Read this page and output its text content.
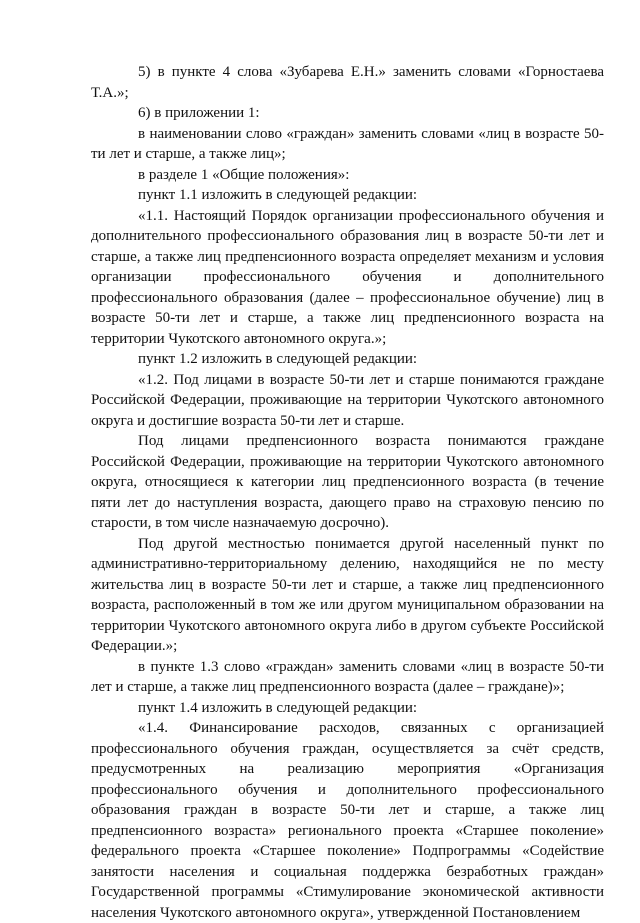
5) в пункте 4 слова «Зубарева Е.Н.» заменить словами «Горностаева Т.А.»;

6) в приложении 1:

в наименовании слово «граждан» заменить словами «лиц в возрасте 50-ти лет и старше, а также лиц»;

в разделе 1 «Общие положения»:

пункт 1.1 изложить в следующей редакции:

«1.1. Настоящий Порядок организации профессионального обучения и дополнительного профессионального образования лиц в возрасте 50-ти лет и старше, а также лиц предпенсионного возраста определяет механизм и условия организации профессионального обучения и дополнительного профессионального образования (далее – профессиональное обучение) лиц в возрасте 50-ти лет и старше, а также лиц предпенсионного возраста на территории Чукотского автономного округа.»;

пункт 1.2 изложить в следующей редакции:

«1.2. Под лицами в возрасте 50-ти лет и старше понимаются граждане Российской Федерации, проживающие на территории Чукотского автономного округа и достигшие возраста 50-ти лет и старше.

Под лицами предпенсионного возраста понимаются граждане Российской Федерации, проживающие на территории Чукотского автономного округа, относящиеся к категории лиц предпенсионного возраста (в течение пяти лет до наступления возраста, дающего право на страховую пенсию по старости, в том числе назначаемую досрочно).

Под другой местностью понимается другой населенный пункт по административно-территориальному делению, находящийся не по месту жительства лиц в возрасте 50-ти лет и старше, а также лиц предпенсионного возраста, расположенный в том же или другом муниципальном образовании на территории Чукотского автономного округа либо в другом субъекте Российской Федерации.»;

в пункте 1.3 слово «граждан» заменить словами «лиц в возрасте 50-ти лет и старше, а также лиц предпенсионного возраста (далее – граждане)»;

пункт 1.4 изложить в следующей редакции:

«1.4. Финансирование расходов, связанных с организацией профессионального обучения граждан, осуществляется за счёт средств, предусмотренных на реализацию мероприятия «Организация профессионального обучения и дополнительного профессионального образования граждан в возрасте 50-ти лет и старше, а также лиц предпенсионного возраста» регионального проекта «Старшее поколение» федерального проекта «Старшее поколение» Подпрограммы «Содействие занятости населения и социальная поддержка безработных граждан» Государственной программы «Стимулирование экономической активности населения Чукотского автономного округа», утвержденной Постановлением
